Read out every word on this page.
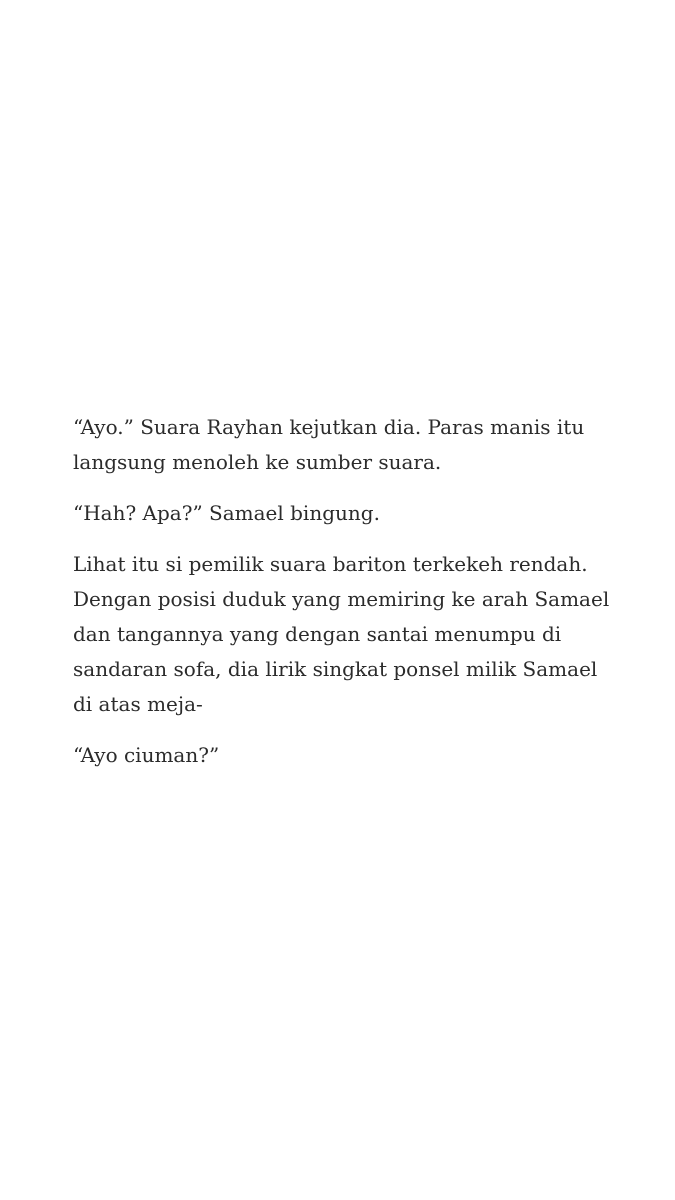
“Ayo.” Suara Rayhan kejutkan dia. Paras manis itu
langsung menoleh ke sumber suara.

“Hah? Apa?” Samael bingung.

Lihat itu si pemilik suara bariton terkekeh rendah.
Dengan posisi duduk yang memiring ke arah Samael
dan tangannya yang dengan santai menumpu di
sandaran sofa, dia lirik singkat ponsel milik Samael
di atas meja-

“Ayo ciuman?”
